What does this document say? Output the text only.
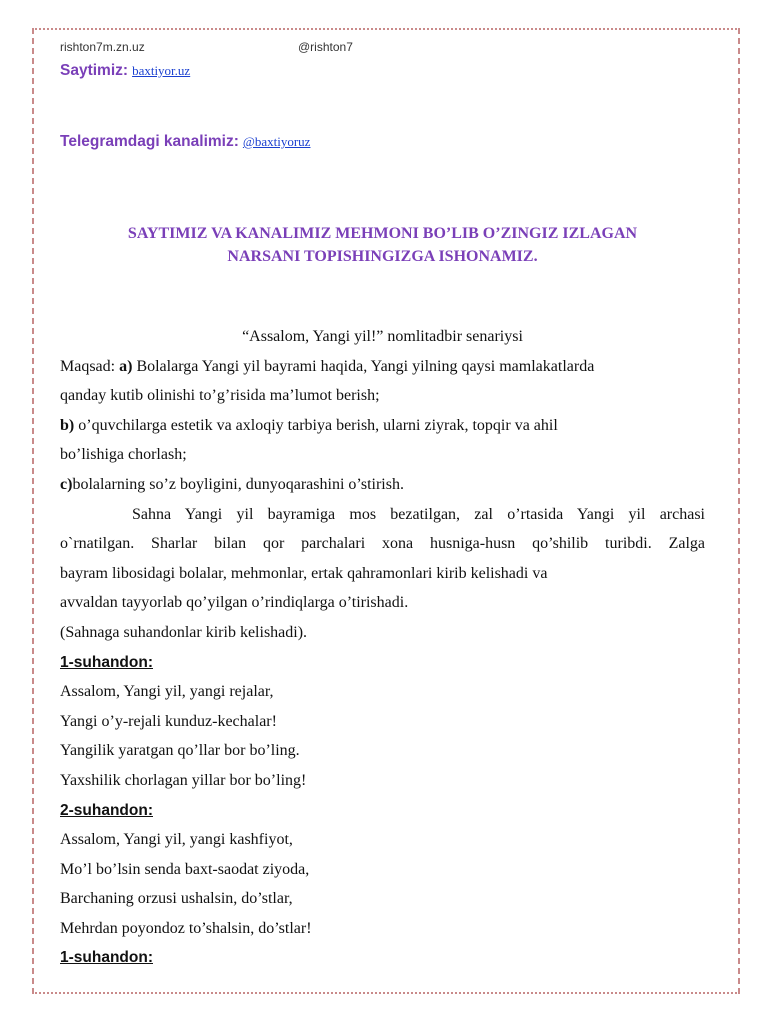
rishton7m.zn.uz	@rishton7
Saytimiz: baxtiyor.uz
Telegramdagi kanalimiz: @baxtiyoruz
SAYTIMIZ VA KANALIMIZ MEHMONI BO’LIB O’ZINGIZ IZLAGAN
NARSANI TOPISHINGIZGA ISHONAMIZ.
“Assalom, Yangi yil!” nomlitadbir senariysi
Maqsad: a) Bolalarga Yangi yil bayrami haqida, Yangi yilning qaysi mamlakatlarda
qanday kutib olinishi to’g’risida ma’lumot berish;
b) o’quvchilarga estetik va axloqiy tarbiya berish, ularni ziyrak, topqir va ahil
bo’lishiga chorlash;
c)bolalarning so’z boyligini, dunyoqarashini o’stirish.
Sahna Yangi yil bayramiga mos bezatilgan, zal o’rtasida Yangi yil archasi
o`rnatilgan. Sharlar bilan qor parchalari xona husniga-husn qo’shilib turibdi. Zalga
bayram libosidagi bolalar, mehmonlar, ertak qahramonlari kirib kelishadi va
avvaldan tayyorlab qo’yilgan o’rindiqlarga o’tirishadi.
(Sahnaga suhandonlar kirib kelishadi).
1-suhandon:
Assalom, Yangi yil, yangi rejalar,
Yangi o’y-rejali kunduz-kechalar!
Yangilik yaratgan qo’llar bor bo’ling.
Yaxshilik chorlagan yillar bor bo’ling!
2-suhandon:
Assalom, Yangi yil, yangi kashfiyot,
Mo’l bo’lsin senda baxt-saodat ziyoda,
Barchaning orzusi ushalsin, do’stlar,
Mehrdan poyondoz to’shalsin, do’stlar!
1-suhandon:
